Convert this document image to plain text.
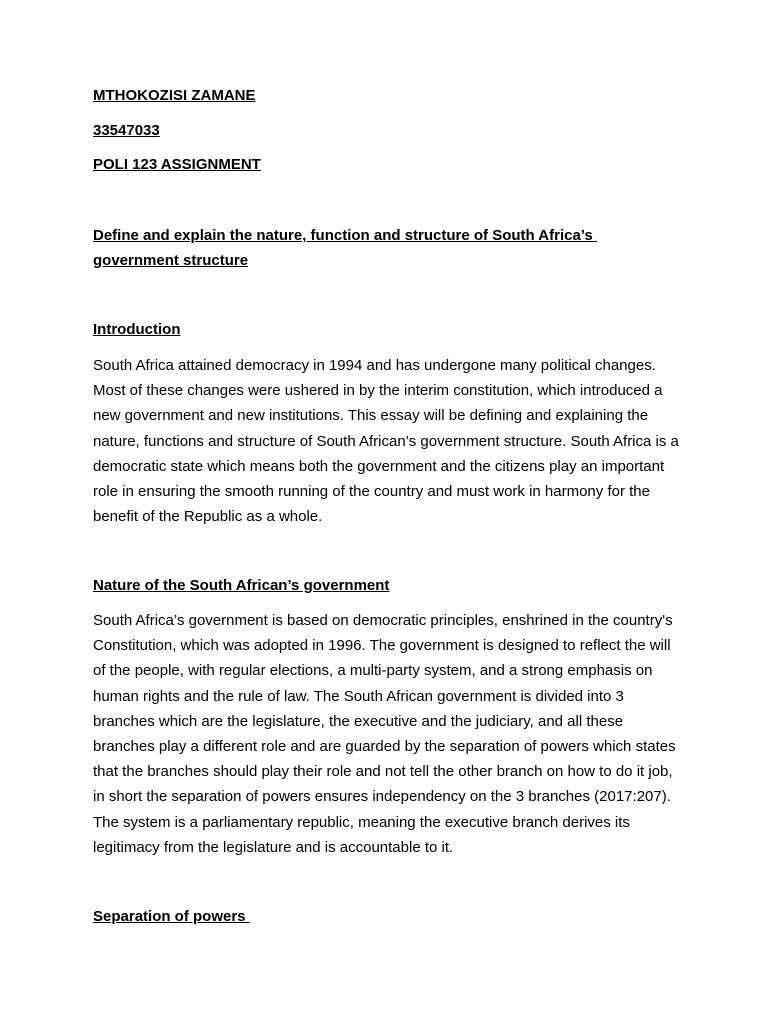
MTHOKOZISI ZAMANE
33547033
POLI 123 ASSIGNMENT
Define and explain the nature, function and structure of South Africa’s
government structure
Introduction
South Africa attained democracy in 1994 and has undergone many political changes. Most of these changes were ushered in by the interim constitution, which introduced a new government and new institutions. This essay will be defining and explaining the nature, functions and structure of South African’s government structure. South Africa is a democratic state which means both the government and the citizens play an important role in ensuring the smooth running of the country and must work in harmony for the benefit of the Republic as a whole.
Nature of the South African’s government
South Africa’s government is based on democratic principles, enshrined in the country's Constitution, which was adopted in 1996. The government is designed to reflect the will of the people, with regular elections, a multi-party system, and a strong emphasis on human rights and the rule of law. The South African government is divided into 3 branches which are the legislature, the executive and the judiciary, and all these branches play a different role and are guarded by the separation of powers which states that the branches should play their role and not tell the other branch on how to do it job, in short the separation of powers ensures independency on the 3 branches (2017:207). The system is a parliamentary republic, meaning the executive branch derives its legitimacy from the legislature and is accountable to it.
Separation of powers
